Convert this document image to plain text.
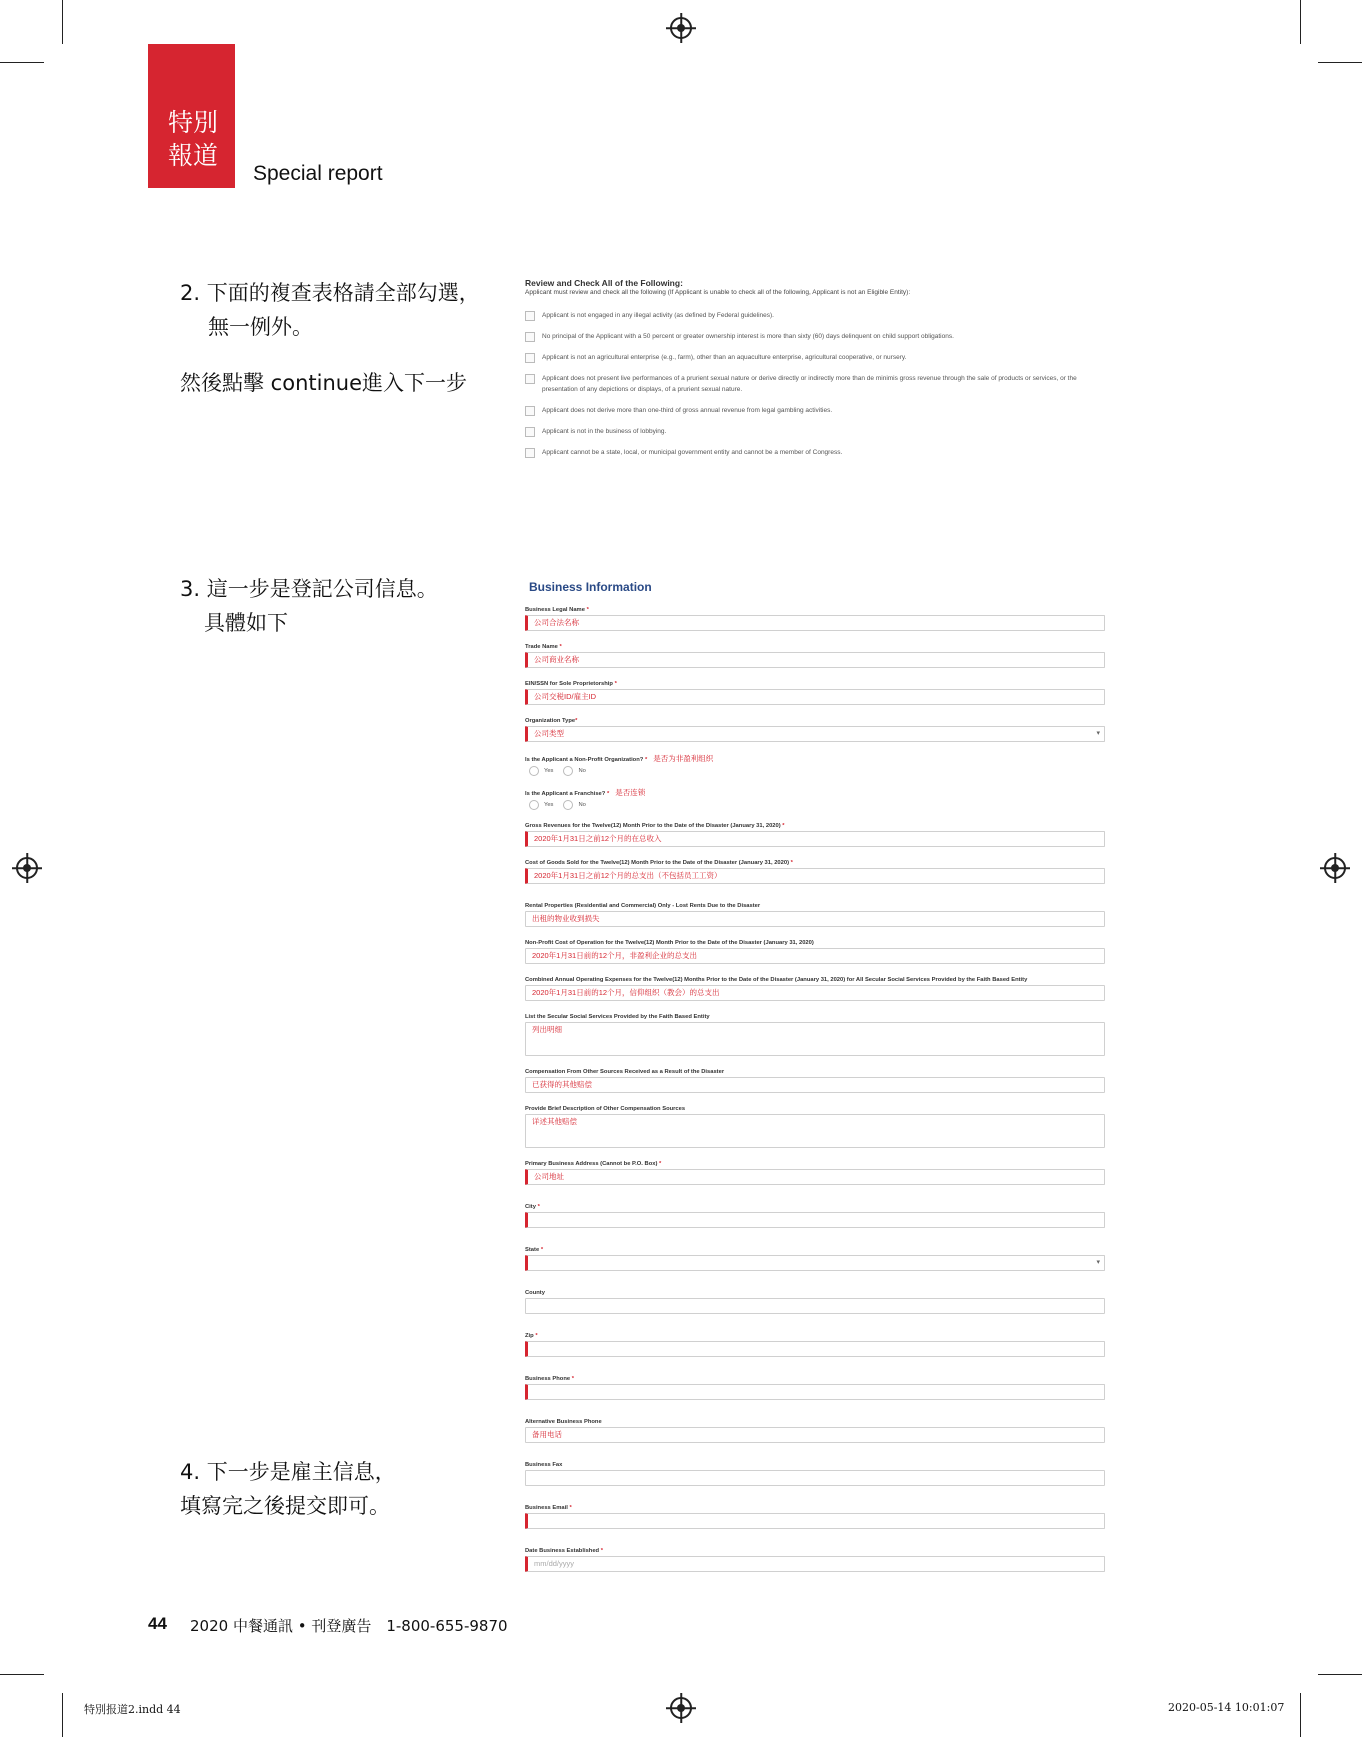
特別
報道
Special report
2. 下面的複查表格請全部勾選，
無一例外。
然後點擊 continue進入下一步
3. 這一步是登記公司信息。
具體如下
4. 下一步是雇主信息，
填寫完之後提交即可。
Review and Check All of the Following:
Applicant must review and check all the following (If Applicant is unable to check all of the following, Applicant is not an Eligible Entity):
Applicant is not engaged in any illegal activity (as defined by Federal guidelines).
No principal of the Applicant with a 50 percent or greater ownership interest is more than sixty (60) days delinquent on child support obligations.
Applicant is not an agricultural enterprise (e.g., farm), other than an aquaculture enterprise, agricultural cooperative, or nursery.
Applicant does not present live performances of a prurient sexual nature or derive directly or indirectly more than de minimis gross revenue through the sale of products or services, or the presentation of any depictions or displays, of a prurient sexual nature.
Applicant does not derive more than one-third of gross annual revenue from legal gambling activities.
Applicant is not in the business of lobbying.
Applicant cannot be a state, local, or municipal government entity and cannot be a member of Congress.
Business Information
Business Legal Name *
公司合法名称
Trade Name *
公司商业名称
EIN/SSN for Sole Proprietorship *
公司交税ID/雇主ID
Organization Type*
公司类型 ▾
Is the Applicant a Non-Profit Organization? * 是否为非盈利组织
Yes	No
Is the Applicant a Franchise? * 是否连锁
Yes	No
Gross Revenues for the Twelve(12) Month Prior to the Date of the Disaster (January 31, 2020) *
2020年1月31日之前12个月的在总收入
Cost of Goods Sold for the Twelve(12) Month Prior to the Date of the Disaster (January 31, 2020) *
2020年1月31日之前12个月的总支出（不包括员工工资）
Rental Properties (Residential and Commercial) Only - Lost Rents Due to the Disaster
出租的物业收到损失
Non-Profit Cost of Operation for the Twelve(12) Month Prior to the Date of the Disaster (January 31, 2020)
2020年1月31日前的12个月，非盈利企业的总支出
Combined Annual Operating Expenses for the Twelve(12) Months Prior to the Date of the Disaster (January 31, 2020) for All Secular Social Services Provided by the Faith Based Entity
2020年1月31日前的12个月，信仰组织（教会）的总支出
List the Secular Social Services Provided by the Faith Based Entity
列出明细
Compensation From Other Sources Received as a Result of the Disaster
已获得的其他赔偿
Provide Brief Description of Other Compensation Sources
详述其他赔偿
Primary Business Address (Cannot be P.O. Box) *
公司地址
City *
State *
▾
County
Zip *
Business Phone *
Alternative Business Phone
备用电话
Business Fax
Business Email *
Date Business Established *
mm/dd/yyyy
44 2020 中餐通訊 • 刊登廣告　1-800-655-9870
特別报道2.indd 44	2020-05-14 10:01:07
